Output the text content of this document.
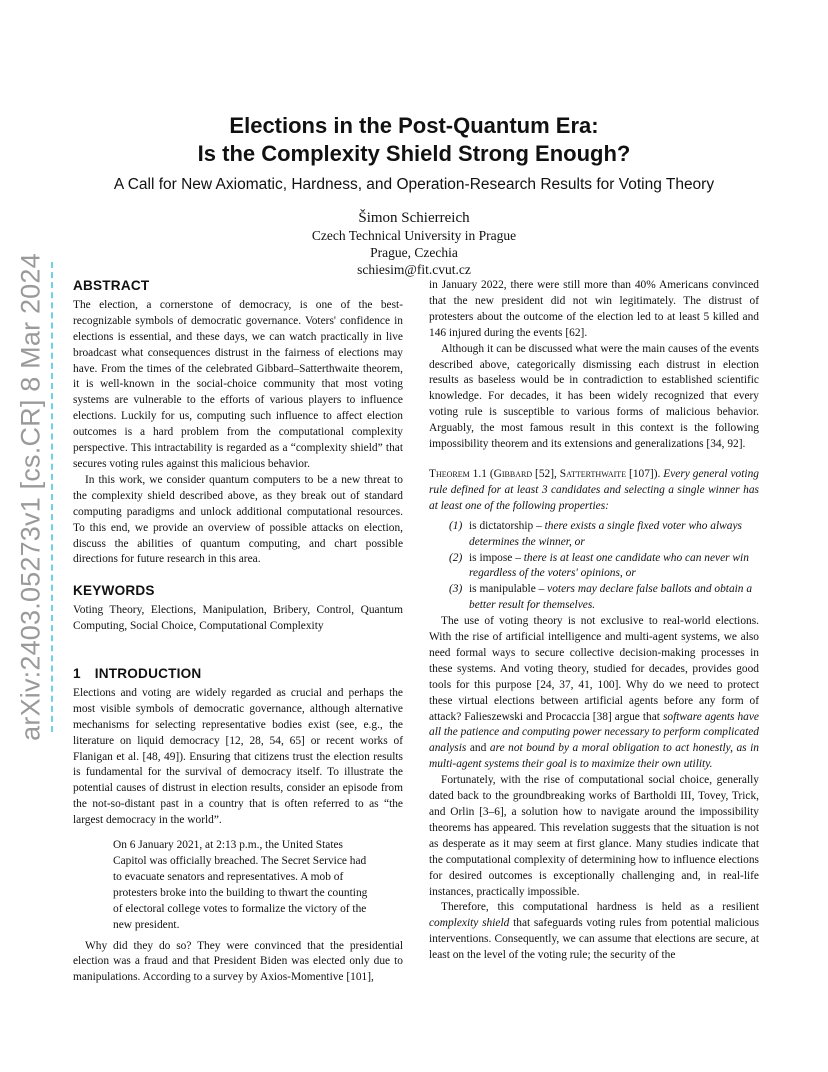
arXiv:2403.05273v1 [cs.CR] 8 Mar 2024
Elections in the Post-Quantum Era:
Is the Complexity Shield Strong Enough?
A Call for New Axiomatic, Hardness, and Operation-Research Results for Voting Theory
Šimon Schierreich
Czech Technical University in Prague
Prague, Czechia
schiesim@fit.cvut.cz
ABSTRACT

The election, a cornerstone of democracy, is one of the best-recognizable symbols of democratic governance. Voters' confidence in elections is essential, and these days, we can watch practically in live broadcast what consequences distrust in the fairness of elections may have. From the times of the celebrated Gibbard–Satterthwaite theorem, it is well-known in the social-choice community that most voting systems are vulnerable to the efforts of various players to influence elections. Luckily for us, computing such influence to affect election outcomes is a hard problem from the computational complexity perspective. This intractability is regarded as a “complexity shield” that secures voting rules against this malicious behavior.

In this work, we consider quantum computers to be a new threat to the complexity shield described above, as they break out of standard computing paradigms and unlock additional computational resources. To this end, we provide an overview of possible attacks on election, discuss the abilities of quantum computing, and chart possible directions for future research in this area.

KEYWORDS

Voting Theory, Elections, Manipulation, Bribery, Control, Quantum Computing, Social Choice, Computational Complexity

1 INTRODUCTION

Elections and voting are widely regarded as crucial and perhaps the most visible symbols of democratic governance, although alternative mechanisms for selecting representative bodies exist (see, e.g., the literature on liquid democracy [12, 28, 54, 65] or recent works of Flanigan et al. [48, 49]). Ensuring that citizens trust the election results is fundamental for the survival of democracy itself. To illustrate the potential causes of distrust in election results, consider an episode from the not-so-distant past in a country that is often referred to as “the largest democracy in the world”.

On 6 January 2021, at 2:13 p.m., the United States Capitol was officially breached. The Secret Service had to evacuate senators and representatives. A mob of protesters broke into the building to thwart the counting of electoral college votes to formalize the victory of the new president.

Why did they do so? They were convinced that the presidential election was a fraud and that President Biden was elected only due to manipulations. According to a survey by Axios-Momentive [101],

in January 2022, there were still more than 40% Americans convinced that the new president did not win legitimately. The distrust of protesters about the outcome of the election led to at least 5 killed and 146 injured during the events [62].

Although it can be discussed what were the main causes of the events described above, categorically dismissing each distrust in election results as baseless would be in contradiction to established scientific knowledge. For decades, it has been widely recognized that every voting rule is susceptible to various forms of malicious behavior. Arguably, the most famous result in this context is the following impossibility theorem and its extensions and generalizations [34, 92].

Theorem 1.1 (Gibbard [52], Satterthwaite [107]). Every general voting rule defined for at least 3 candidates and selecting a single winner has at least one of the following properties:

(1) is dictatorship – there exists a single fixed voter who always determines the winner, or
(2) is impose – there is at least one candidate who can never win regardless of the voters' opinions, or
(3) is manipulable – voters may declare false ballots and obtain a better result for themselves.

The use of voting theory is not exclusive to real-world elections. With the rise of artificial intelligence and multi-agent systems, we also need formal ways to secure collective decision-making processes in these systems. And voting theory, studied for decades, provides good tools for this purpose [24, 37, 41, 100]. Why do we need to protect these virtual elections between artificial agents before any form of attack? Falieszewski and Procaccia [38] argue that software agents have all the patience and computing power necessary to perform complicated analysis and are not bound by a moral obligation to act honestly, as in multi-agent systems their goal is to maximize their own utility.

Fortunately, with the rise of computational social choice, generally dated back to the groundbreaking works of Bartholdi III, Tovey, Trick, and Orlin [3–6], a solution how to navigate around the impossibility theorems has appeared. This revelation suggests that the situation is not as desperate as it may seem at first glance. Many studies indicate that the computational complexity of determining how to influence elections for desired outcomes is exceptionally challenging and, in real-life instances, practically impossible.

Therefore, this computational hardness is held as a resilient complexity shield that safeguards voting rules from potential malicious interventions. Consequently, we can assume that elections are secure, at least on the level of the voting rule; the security of the
